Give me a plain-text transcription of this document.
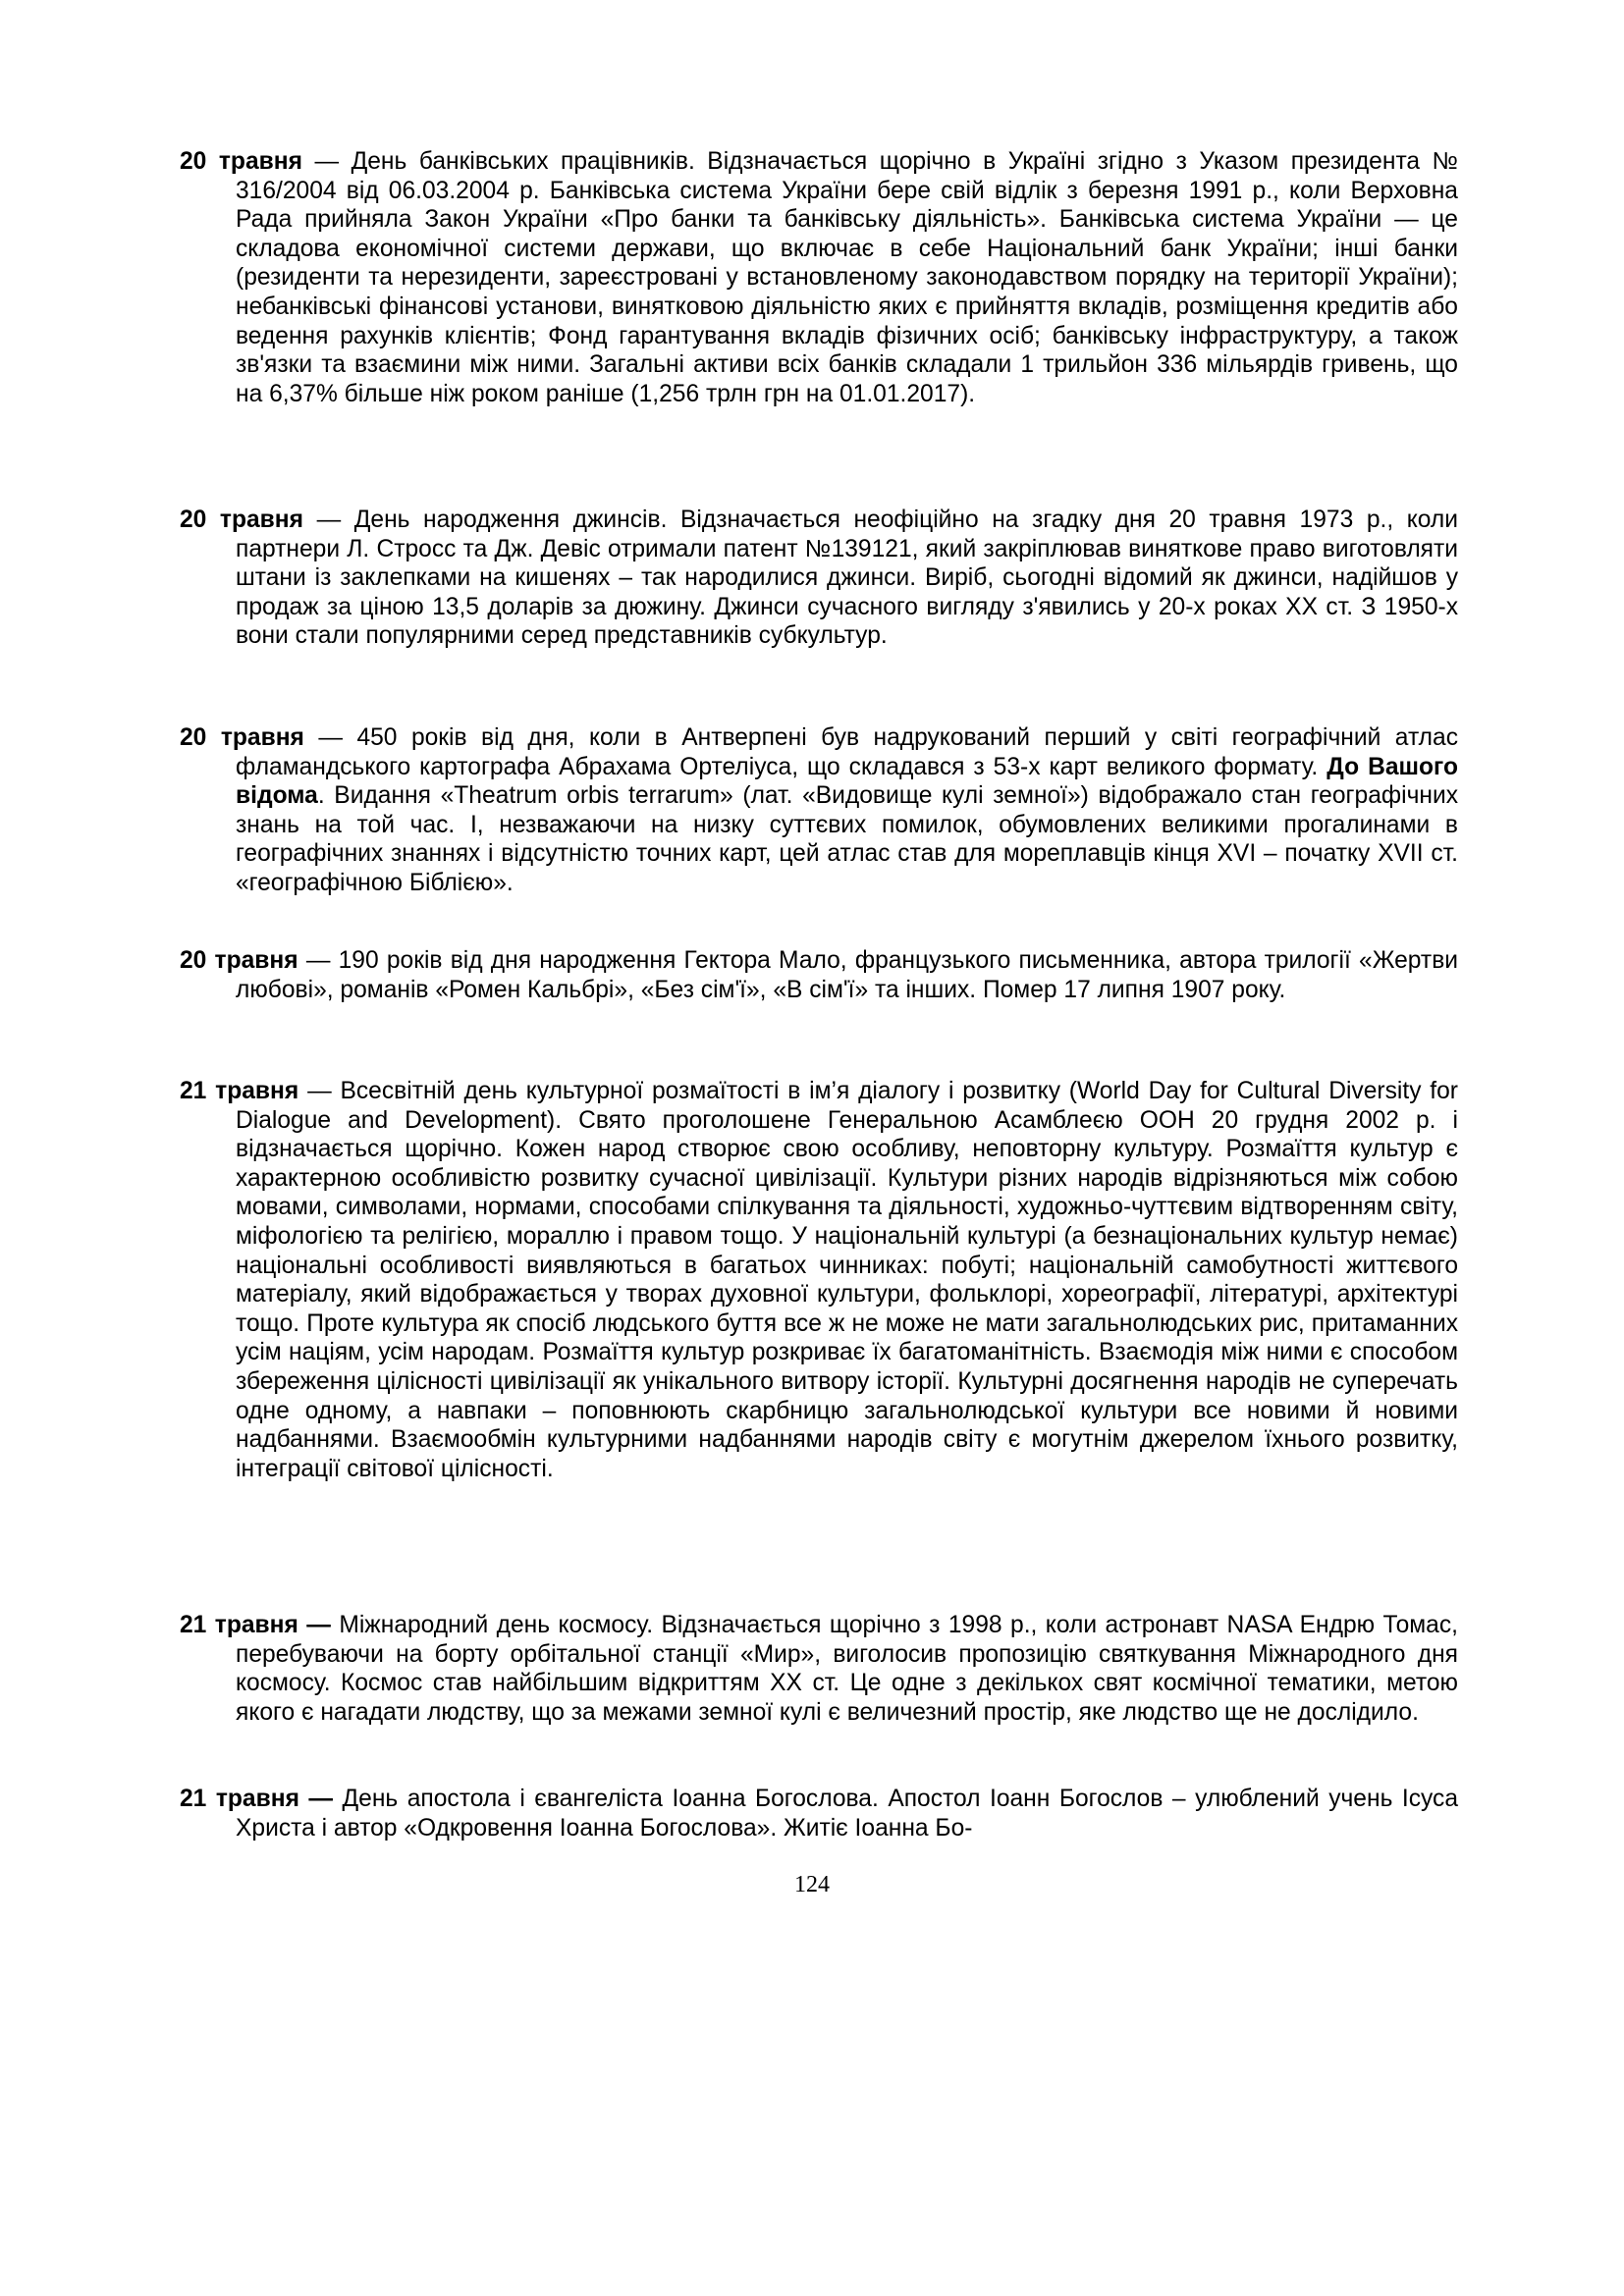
20 травня — День банківських працівників. Відзначається щорічно в Україні згідно з Указом президента № 316/2004 від 06.03.2004 р. Банківська система України бере свій відлік з березня 1991 р., коли Верховна Рада прийняла Закон України «Про банки та банківську діяльність». Банківська система України — це складова економічної системи держави, що включає в себе Національний банк України; інші банки (резиденти та нерезиденти, зареєстровані у встановленому законодавством порядку на території України); небанківські фінансові установи, винятковою діяльністю яких є прийняття вкладів, розміщення кредитів або ведення рахунків клієнтів; Фонд гарантування вкладів фізичних осіб; банківську інфраструктуру, а також зв'язки та взаємини між ними. Загальні активи всіх банків складали 1 трильйон 336 мільярдів гривень, що на 6,37% більше ніж роком раніше (1,256 трлн грн на 01.01.2017).

20 травня — День народження джинсів. Відзначається неофіційно на згадку дня 20 травня 1973 р., коли партнери Л. Стросс та Дж. Девіс отримали патент №139121, який закріплював виняткове право виготовляти штани із заклепками на кишенях – так народилися джинси. Виріб, сьогодні відомий як джинси, надійшов у продаж за ціною 13,5 доларів за дюжину. Джинси сучасного вигляду з'явились у 20-х роках XX ст. З 1950-х вони стали популярними серед представників субкультур.

20 травня — 450 років від дня, коли в Антверпені був надрукований перший у світі географічний атлас фламандського картографа Абрахама Ортеліуса, що складався з 53-х карт великого формату. До Вашого відома. Видання «Theatrum orbis terrarum» (лат. «Видовище кулі земної») відображало стан географічних знань на той час. І, незважаючи на низку суттєвих помилок, обумовлених великими прогалинами в географічних знаннях і відсутністю точних карт, цей атлас став для мореплавців кінця XVI – початку XVII ст. «географічною Біблією».

20 травня — 190 років від дня народження Гектора Мало, французького письменника, автора трилогії «Жертви любові», романів «Ромен Кальбрі», «Без сім'ї», «В сім'ї» та інших. Помер 17 липня 1907 року.

21 травня — Всесвітній день культурної розмаїтості в ім’я діалогу і розвитку (World Day for Cultural Diversity for Dialogue and Development). Свято проголошене Генеральною Асамблеєю ООН 20 грудня 2002 р. і відзначається щорічно. Кожен народ створює свою особливу, неповторну культуру. Розмаїття культур є характерною особливістю розвитку сучасної цивілізації. Культури різних народів відрізняються між собою мовами, символами, нормами, способами спілкування та діяльності, художньо-чуттєвим відтворенням світу, міфологією та релігією, мораллю і правом тощо. У національній культурі (а безнаціональних культур немає) національні особливості виявляються в багатьох чинниках: побуті; національній самобутності життєвого матеріалу, який відображається у творах духовної культури, фольклорі, хореографії, літературі, архітектурі тощо. Проте культура як спосіб людського буття все ж не може не мати загальнолюдських рис, притаманних усім націям, усім народам. Розмаїття культур розкриває їх багатоманітність. Взаємодія між ними є способом збереження цілісності цивілізації як унікального витвору історії. Культурні досягнення народів не суперечать одне одному, а навпаки – поповнюють скарбницю загальнолюдської культури все новими й новими надбаннями. Взаємообмін культурними надбаннями народів світу є могутнім джерелом їхнього розвитку, інтеграції світової цілісності.

21 травня — Міжнародний день космосу. Відзначається щорічно з 1998 р., коли астронавт NASA Ендрю Томас, перебуваючи на борту орбітальної станції «Мир», виголосив пропозицію святкування Міжнародного дня космосу. Космос став найбільшим відкриттям XX ст. Це одне з декількох свят космічної тематики, метою якого є нагадати людству, що за межами земної кулі є величезний простір, яке людство ще не дослідило.

21 травня — День апостола і євангеліста Іоанна Богослова. Апостол Іоанн Богослов – улюблений учень Ісуса Христа і автор «Одкровення Іоанна Богослова». Житіє Іоанна Бо-

124
